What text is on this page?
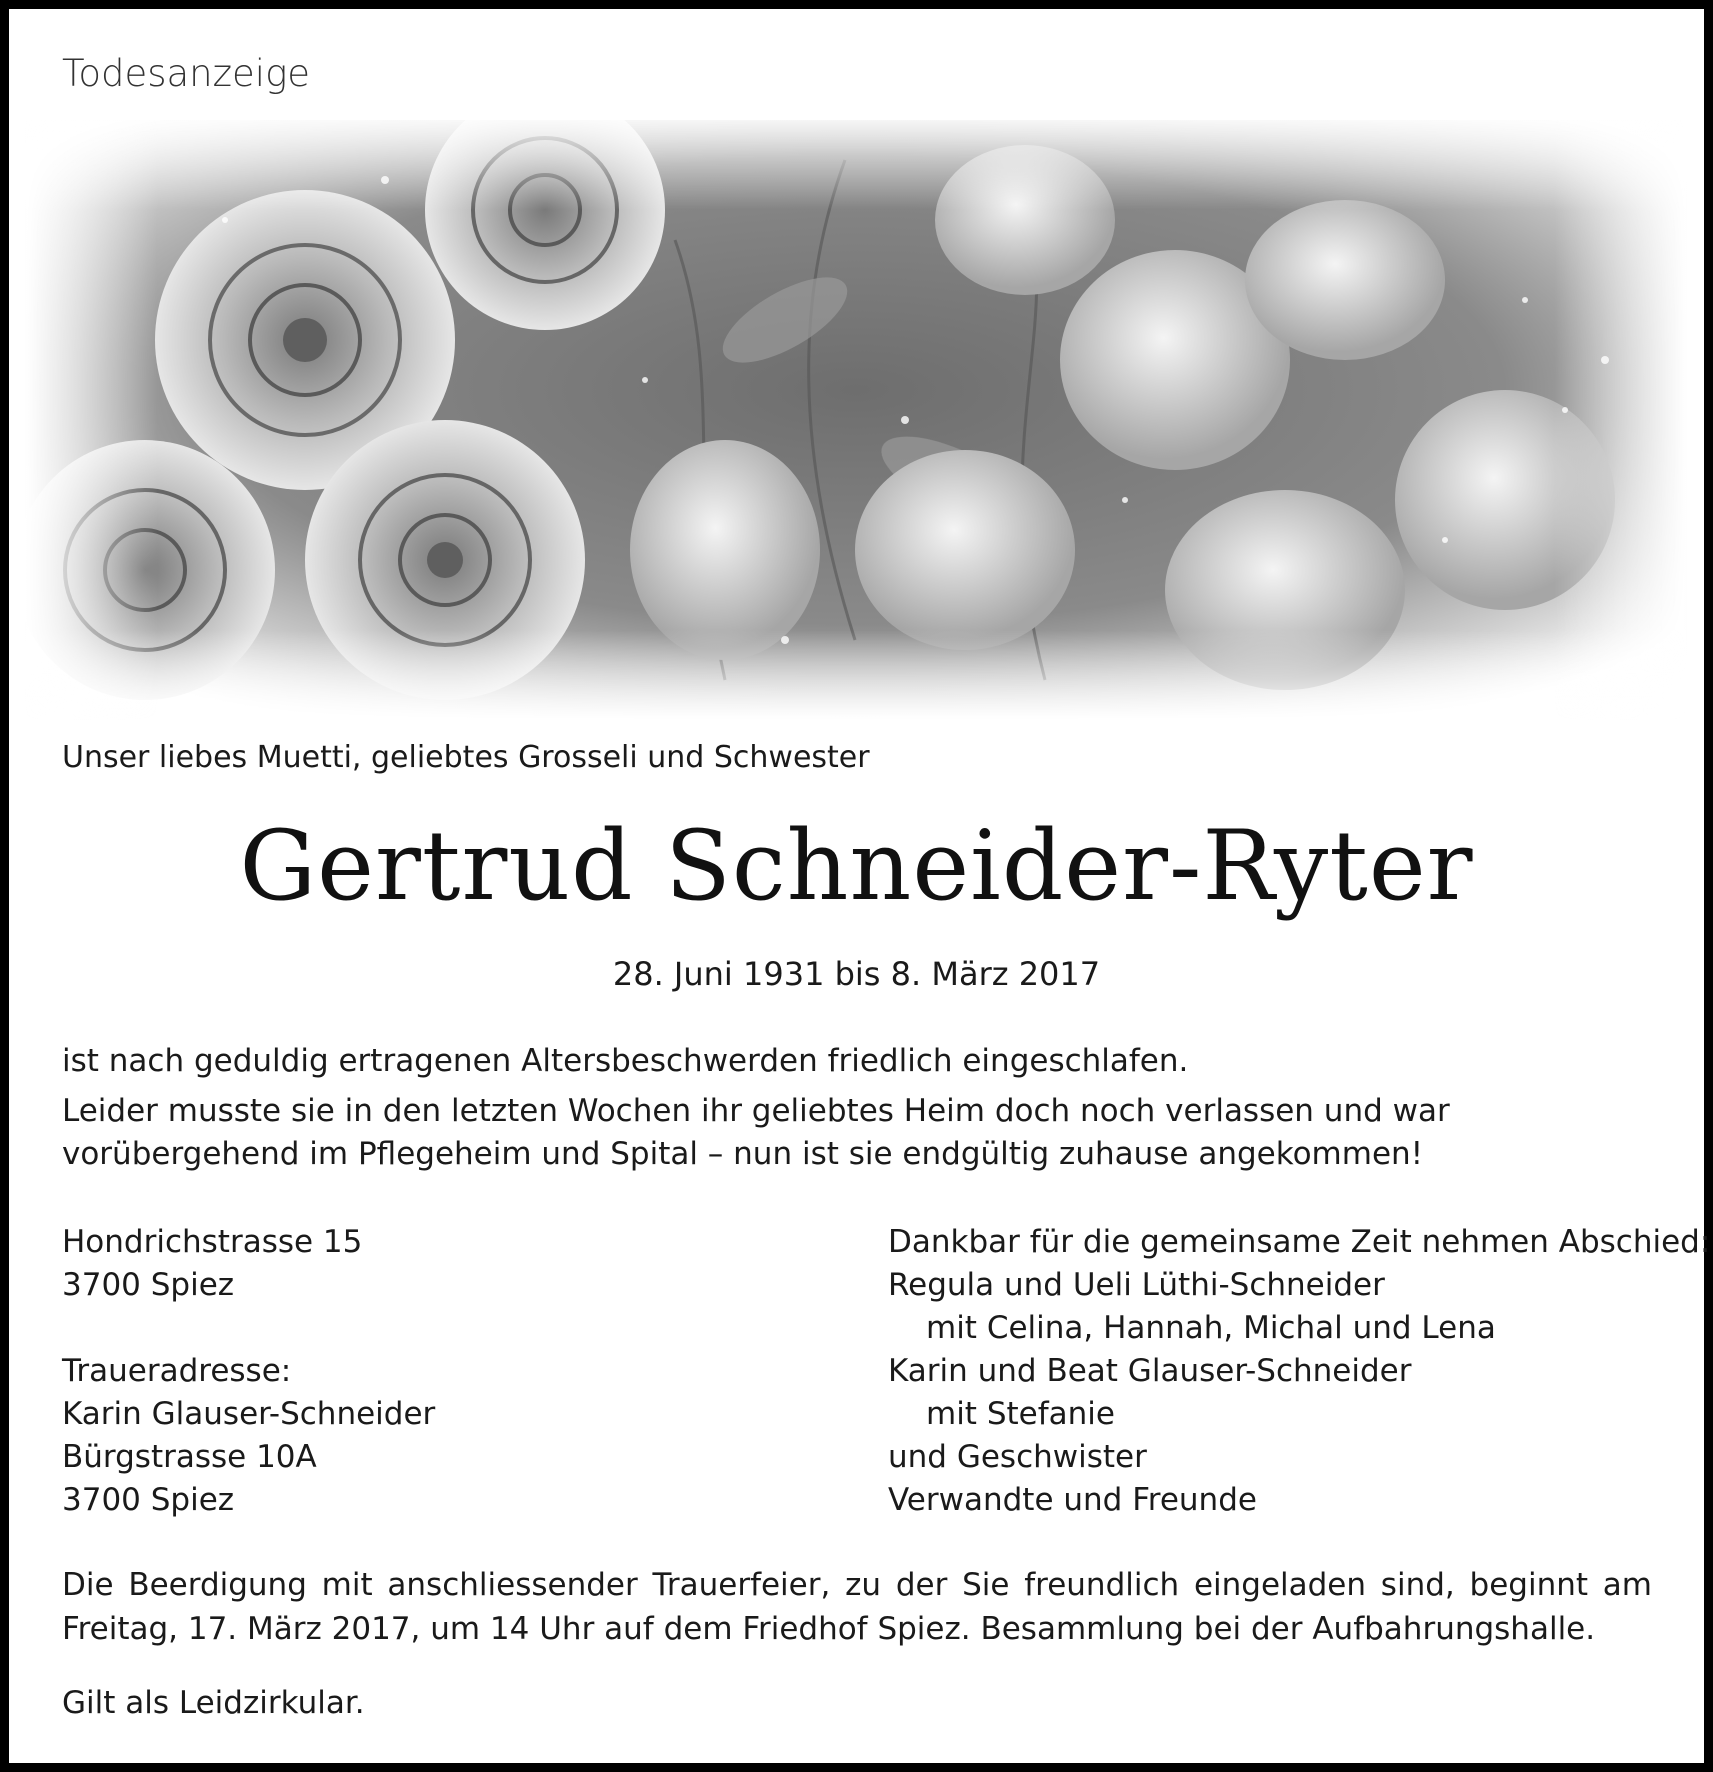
Todesanzeige
Unser liebes Muetti, geliebtes Grosseli und Schwester
Gertrud Schneider-Ryter
28. Juni 1931 bis 8. März 2017
ist nach geduldig ertragenen Altersbeschwerden friedlich eingeschlafen.
Leider musste sie in den letzten Wochen ihr geliebtes Heim doch noch verlassen und war vorübergehend im Pflegeheim und Spital – nun ist sie endgültig zuhause angekommen!
Hondrichstrasse 15
3700 Spiez
Traueradresse:
Karin Glauser-Schneider
Bürgstrasse 10A
3700 Spiez
Dankbar für die gemeinsame Zeit nehmen Abschied:
Regula und Ueli Lüthi-Schneider
mit Celina, Hannah, Michal und Lena
Karin und Beat Glauser-Schneider
mit Stefanie
und Geschwister
Verwandte und Freunde
Die Beerdigung mit anschliessender Trauerfeier, zu der Sie freundlich eingeladen sind, beginnt am Freitag, 17. März 2017, um 14 Uhr auf dem Friedhof Spiez. Besammlung bei der Aufbahrungshalle.
Gilt als Leidzirkular.
